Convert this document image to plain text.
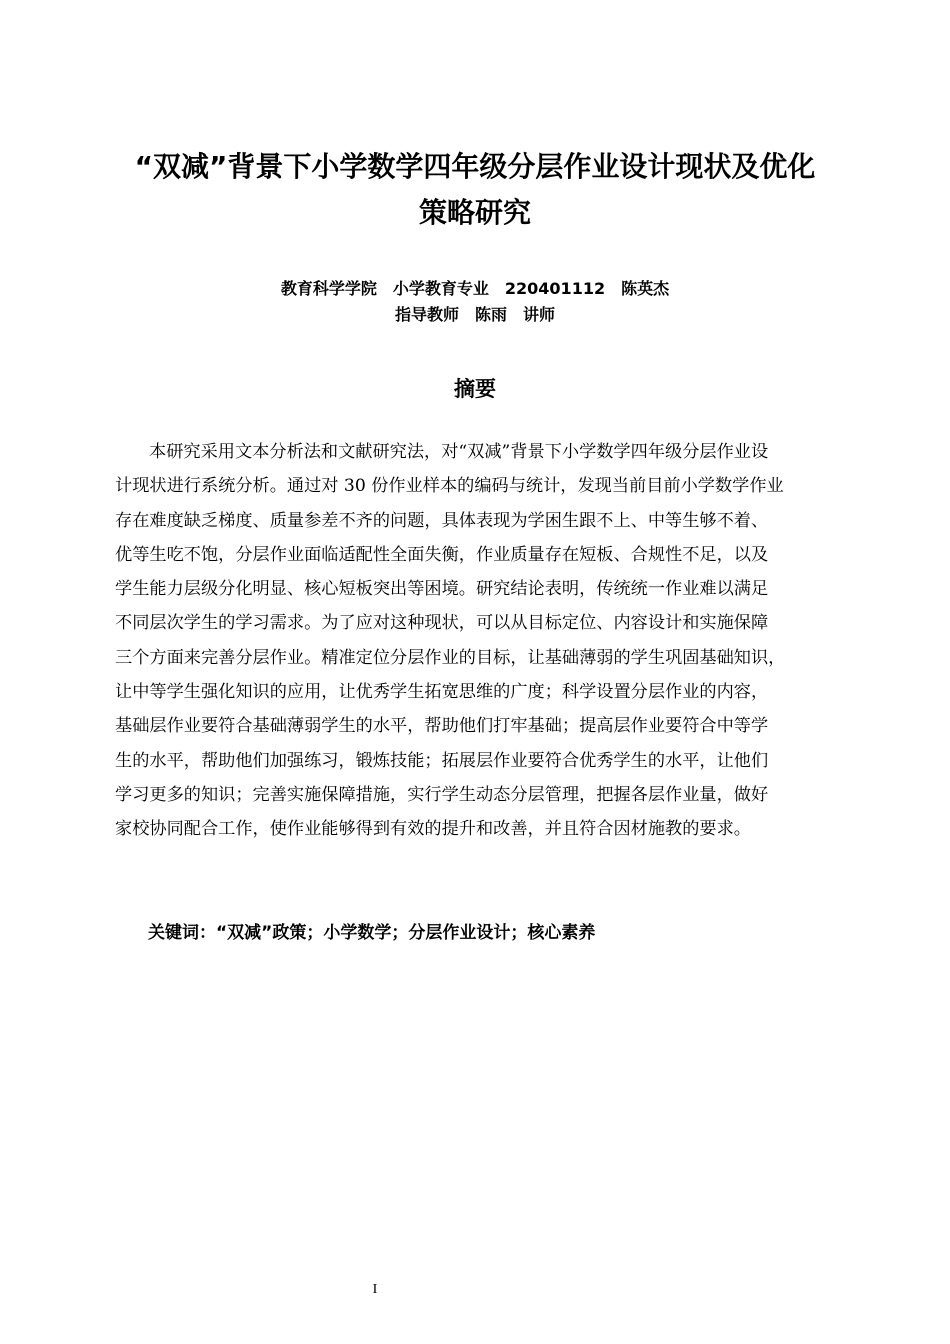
“双减”背景下小学数学四年级分层作业设计现状及优化
策略研究
教育科学学院　小学教育专业　220401112　陈英杰
指导教师　陈雨　讲师
摘要
本研究采用文本分析法和文献研究法，对“双减”背景下小学数学四年级分层作业设
计现状进行系统分析。通过对 30 份作业样本的编码与统计，发现当前目前小学数学作业
存在难度缺乏梯度、质量参差不齐的问题，具体表现为学困生跟不上、中等生够不着、
优等生吃不饱，分层作业面临适配性全面失衡，作业质量存在短板、合规性不足，以及
学生能力层级分化明显、核心短板突出等困境。研究结论表明，传统统一作业难以满足
不同层次学生的学习需求。为了应对这种现状，可以从目标定位、内容设计和实施保障
三个方面来完善分层作业。精准定位分层作业的目标，让基础薄弱的学生巩固基础知识，
让中等学生强化知识的应用，让优秀学生拓宽思维的广度；科学设置分层作业的内容，
基础层作业要符合基础薄弱学生的水平，帮助他们打牢基础；提高层作业要符合中等学
生的水平，帮助他们加强练习，锻炼技能；拓展层作业要符合优秀学生的水平，让他们
学习更多的知识；完善实施保障措施，实行学生动态分层管理，把握各层作业量，做好
家校协同配合工作，使作业能够得到有效的提升和改善，并且符合因材施教的要求。

关键词：“双减”政策；小学数学；分层作业设计；核心素养

I
